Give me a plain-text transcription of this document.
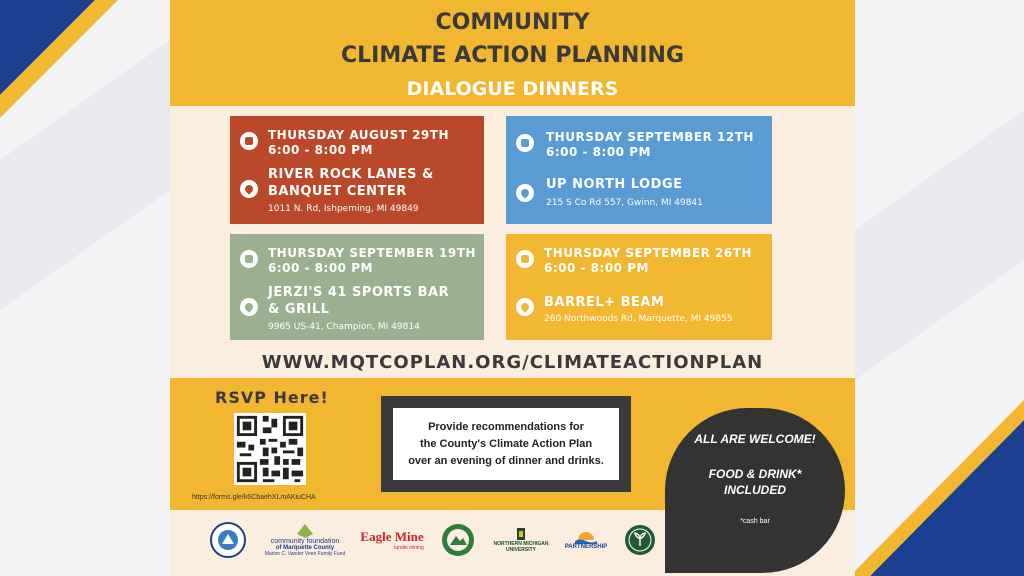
COMMUNITY
CLIMATE ACTION PLANNING
DIALOGUE DINNERS
THURSDAY AUGUST 29TH
6:00 - 8:00 PM
RIVER ROCK LANES &
BANQUET CENTER
1011 N. Rd, Ishpeming, MI 49849
THURSDAY SEPTEMBER 12TH
6:00 - 8:00 PM
UP NORTH LODGE
215 S Co Rd 557, Gwinn, MI 49841
THURSDAY SEPTEMBER 19TH
6:00 - 8:00 PM
JERZI'S 41 SPORTS BAR
& GRILL
9965 US-41, Champion, MI 49814
THURSDAY SEPTEMBER 26TH
6:00 - 8:00 PM
BARREL+ BEAM
260 Northwoods Rd, Marquette, MI 49855
WWW.MQTCOPLAN.ORG/CLIMATEACTIONPLAN
RSVP Here!
https://forms.gle/k6CbaehXLmAKiuCHA
Provide recommendations for
the County's Climate Action Plan
over an evening of dinner and drinks.
ALL ARE WELCOME!
FOOD & DRINK*
INCLUDED
*cash bar
community foundation
of Marquette County
Marion C. Vander Veen Family Fund
Eagle Mine
lundin mining
NORTHERN MICHIGAN
UNIVERSITY	PARTNERSHIP
